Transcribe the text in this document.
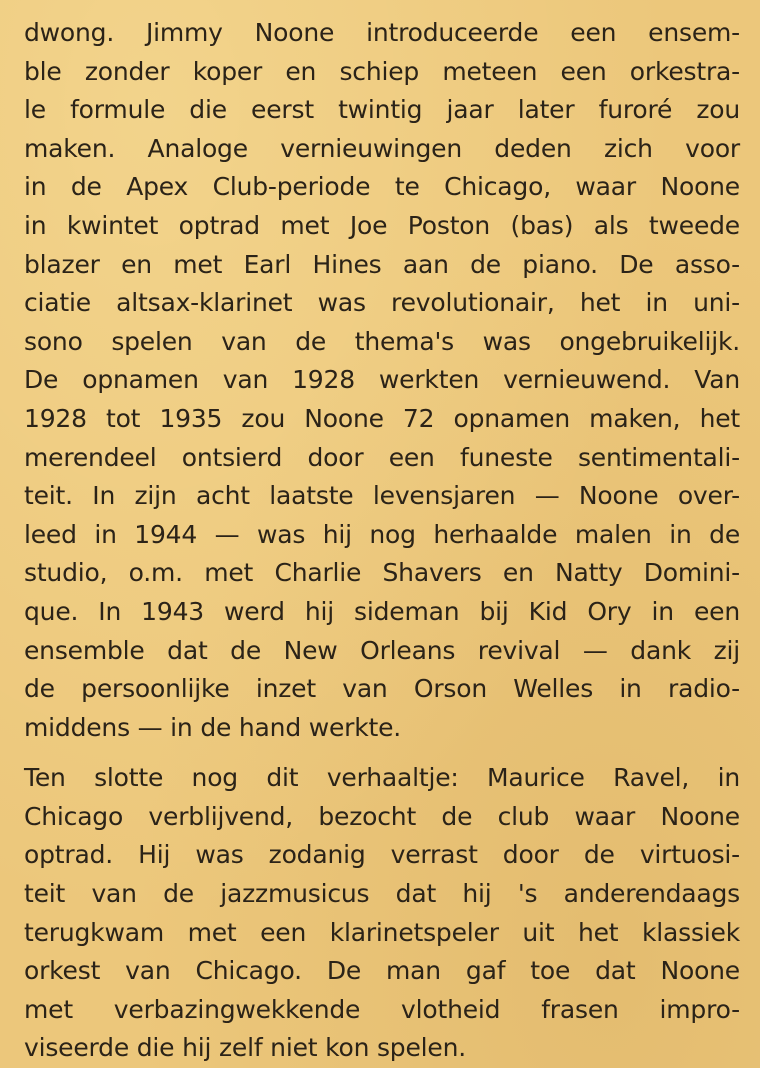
dwong. Jimmy Noone introduceerde een ensem-
ble zonder koper en schiep meteen een orkestra-
le formule die eerst twintig jaar later furoré zou
maken. Analoge vernieuwingen deden zich voor
in de Apex Club-periode te Chicago, waar Noone
in kwintet optrad met Joe Poston (bas) als tweede
blazer en met Earl Hines aan de piano. De asso-
ciatie altsax-klarinet was revolutionair, het in uni-
sono spelen van de thema's was ongebruikelijk.
De opnamen van 1928 werkten vernieuwend. Van
1928 tot 1935 zou Noone 72 opnamen maken, het
merendeel ontsierd door een funeste sentimentali-
teit. In zijn acht laatste levensjaren — Noone over-
leed in 1944 — was hij nog herhaalde malen in de
studio, o.m. met Charlie Shavers en Natty Domini-
que. In 1943 werd hij sideman bij Kid Ory in een
ensemble dat de New Orleans revival — dank zij
de persoonlijke inzet van Orson Welles in radio-
middens — in de hand werkte.

Ten slotte nog dit verhaaltje: Maurice Ravel, in
Chicago verblijvend, bezocht de club waar Noone
optrad. Hij was zodanig verrast door de virtuosi-
teit van de jazzmusicus dat hij 's anderendaags
terugkwam met een klarinetspeler uit het klassiek
orkest van Chicago. De man gaf toe dat Noone
met verbazingwekkende vlotheid frasen impro-
viseerde die hij zelf niet kon spelen.
